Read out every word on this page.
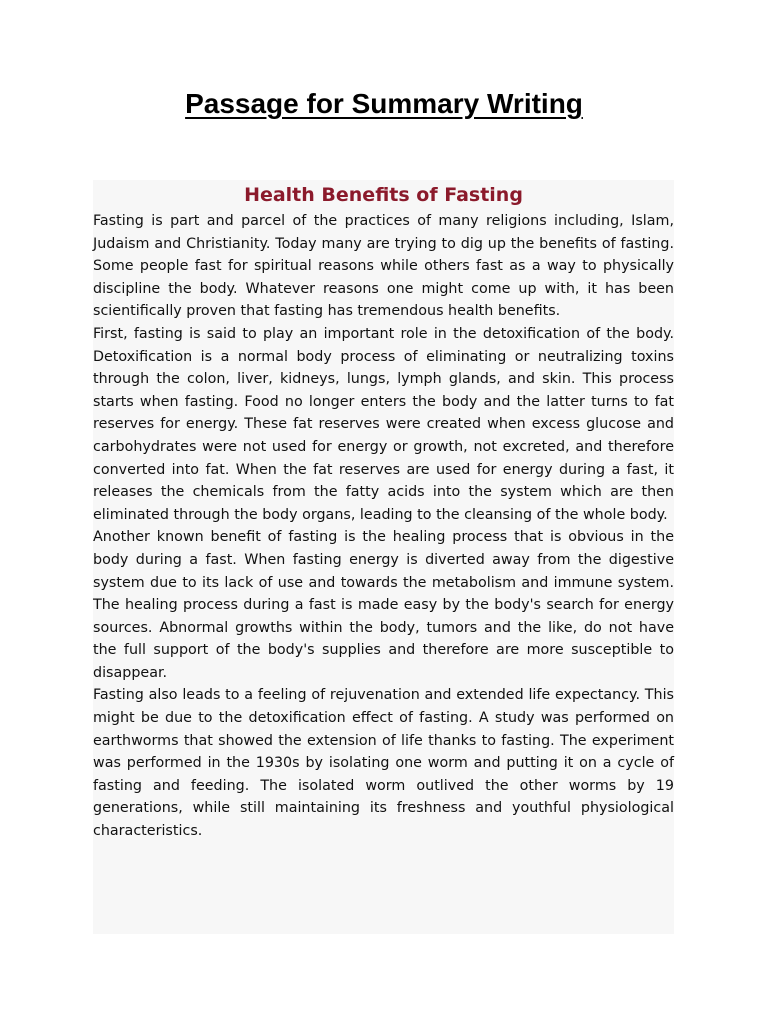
Passage for Summary Writing
Health Benefits of Fasting

Fasting is part and parcel of the practices of many religions including, Islam, Judaism and Christianity. Today many are trying to dig up the benefits of fasting. Some people fast for spiritual reasons while others fast as a way to physically discipline the body. Whatever reasons one might come up with, it has been scientifically proven that fasting has tremendous health benefits.

First, fasting is said to play an important role in the detoxification of the body. Detoxification is a normal body process of eliminating or neutralizing toxins through the colon, liver, kidneys, lungs, lymph glands, and skin. This process starts when fasting. Food no longer enters the body and the latter turns to fat reserves for energy. These fat reserves were created when excess glucose and carbohydrates were not used for energy or growth, not excreted, and therefore converted into fat. When the fat reserves are used for energy during a fast, it releases the chemicals from the fatty acids into the system which are then eliminated through the body organs, leading to the cleansing of the whole body.

Another known benefit of fasting is the healing process that is obvious in the body during a fast. When fasting energy is diverted away from the digestive system due to its lack of use and towards the metabolism and immune system. The healing process during a fast is made easy by the body's search for energy sources. Abnormal growths within the body, tumors and the like, do not have the full support of the body's supplies and therefore are more susceptible to disappear.

Fasting also leads to a feeling of rejuvenation and extended life expectancy. This might be due to the detoxification effect of fasting. A study was performed on earthworms that showed the extension of life thanks to fasting. The experiment was performed in the 1930s by isolating one worm and putting it on a cycle of fasting and feeding. The isolated worm outlived the other worms by 19 generations, while still maintaining its freshness and youthful physiological characteristics.
